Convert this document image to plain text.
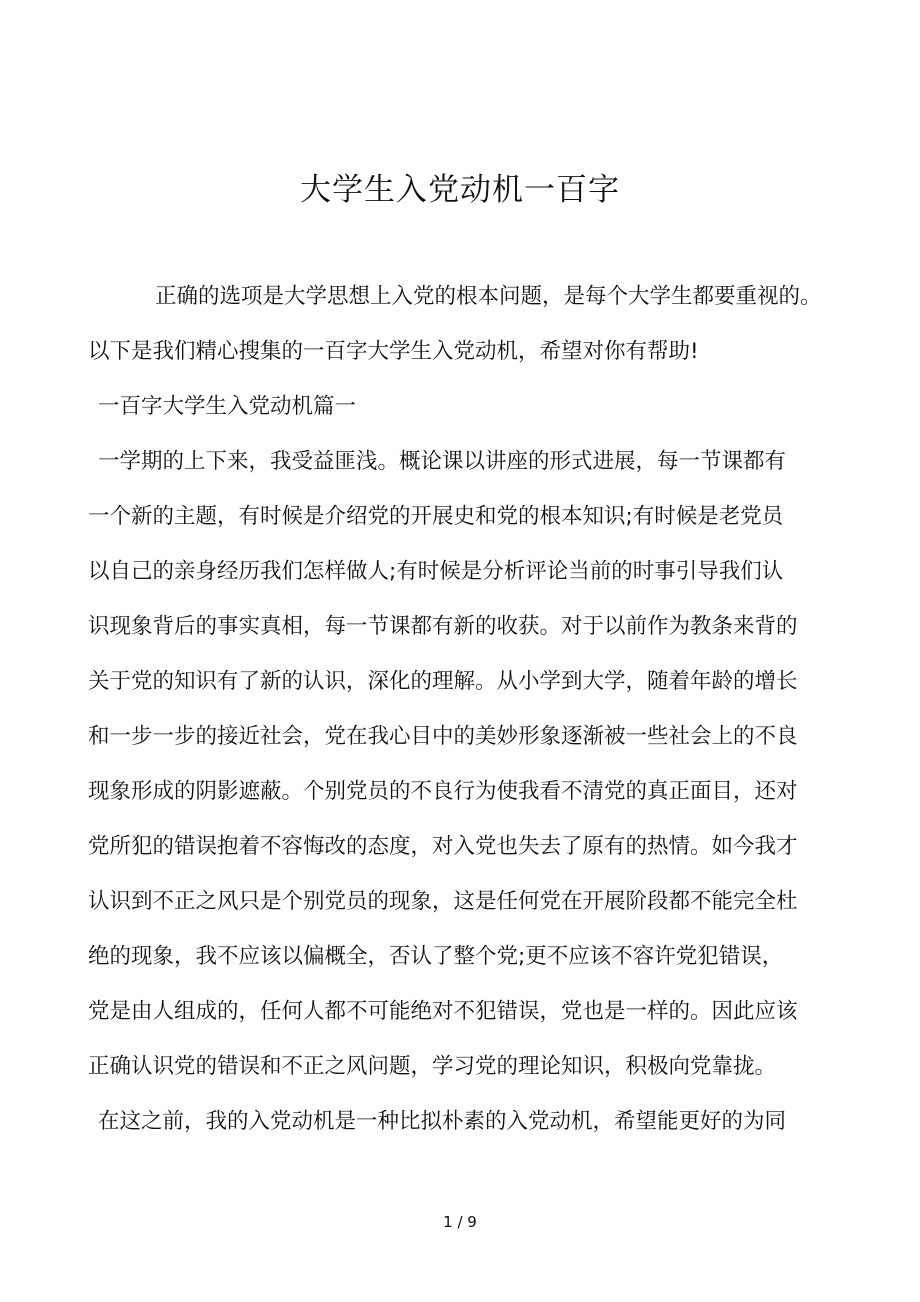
大学生入党动机一百字
正确的选项是大学思想上入党的根本问题，是每个大学生都要重视的。
以下是我们精心搜集的一百字大学生入党动机，希望对你有帮助!
一百字大学生入党动机篇一
一学期的上下来，我受益匪浅。概论课以讲座的形式进展，每一节课都有
一个新的主题，有时候是介绍党的开展史和党的根本知识;有时候是老党员
以自己的亲身经历我们怎样做人;有时候是分析评论当前的时事引导我们认
识现象背后的事实真相，每一节课都有新的收获。对于以前作为教条来背的
关于党的知识有了新的认识，深化的理解。从小学到大学，随着年龄的增长
和一步一步的接近社会，党在我心目中的美妙形象逐渐被一些社会上的不良
现象形成的阴影遮蔽。个别党员的不良行为使我看不清党的真正面目，还对
党所犯的错误抱着不容悔改的态度，对入党也失去了原有的热情。如今我才
认识到不正之风只是个别党员的现象，这是任何党在开展阶段都不能完全杜
绝的现象，我不应该以偏概全，否认了整个党;更不应该不容许党犯错误，
党是由人组成的，任何人都不可能绝对不犯错误，党也是一样的。因此应该
正确认识党的错误和不正之风问题，学习党的理论知识，积极向党靠拢。
在这之前，我的入党动机是一种比拟朴素的入党动机，希望能更好的为同
1 / 9
